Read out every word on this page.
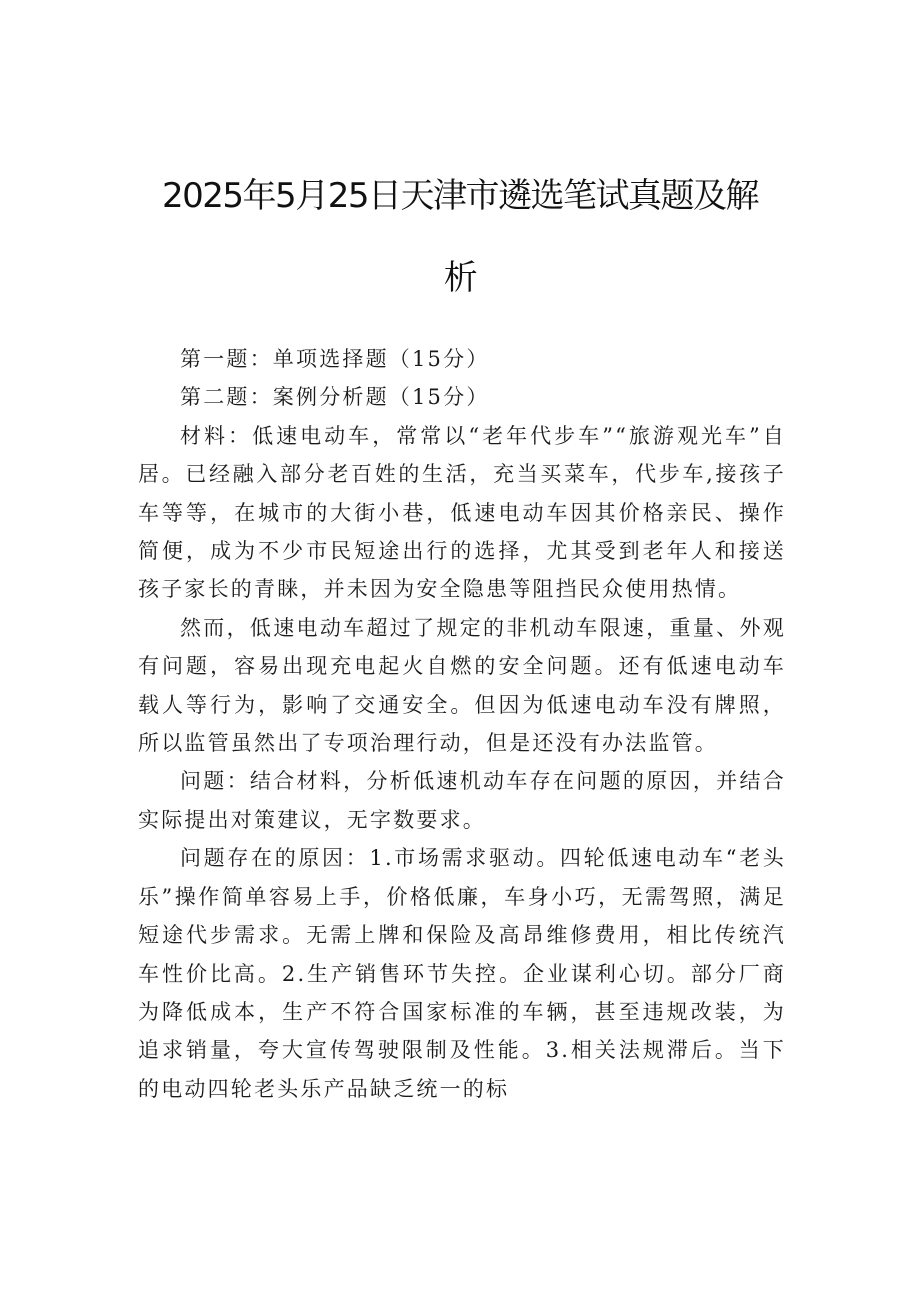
2025年5月25日天津市遴选笔试真题及解
析

第一题：单项选择题（15分）

第二题：案例分析题（15分）

材料：低速电动车，常常以“老年代步车”“旅游观光车”自居。已经融入部分老百姓的生活，充当买菜车，代步车,接孩子车等等，在城市的大街小巷，低速电动车因其价格亲民、操作简便，成为不少市民短途出行的选择，尤其受到老年人和接送孩子家长的青睐，并未因为安全隐患等阻挡民众使用热情。

然而，低速电动车超过了规定的非机动车限速，重量、外观有问题，容易出现充电起火自燃的安全问题。还有低速电动车载人等行为，影响了交通安全。但因为低速电动车没有牌照，所以监管虽然出了专项治理行动，但是还没有办法监管。

问题：结合材料，分析低速机动车存在问题的原因，并结合实际提出对策建议，无字数要求。

问题存在的原因：1.市场需求驱动。四轮低速电动车“老头乐”操作简单容易上手，价格低廉，车身小巧，无需驾照，满足短途代步需求。无需上牌和保险及高昂维修费用，相比传统汽车性价比高。2.生产销售环节失控。企业谋利心切。部分厂商为降低成本，生产不符合国家标准的车辆，甚至违规改装，为追求销量，夸大宣传驾驶限制及性能。3.相关法规滞后。当下的电动四轮老头乐产品缺乏统一的标
